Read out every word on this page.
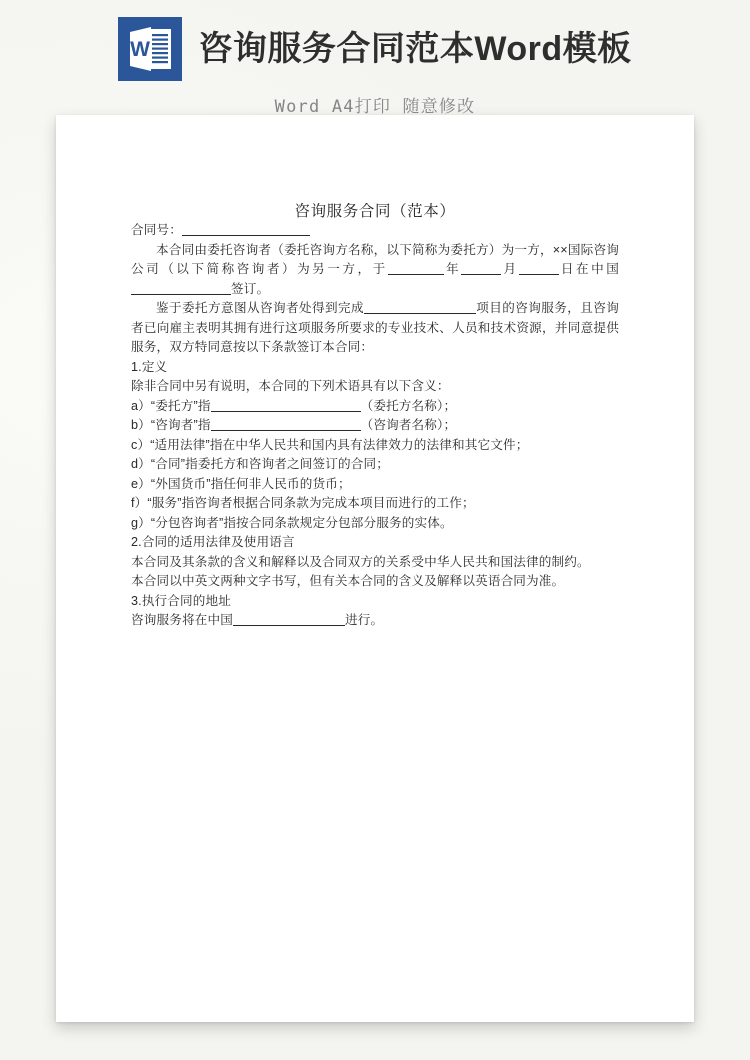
W 咨询服务合同范本Word模板
Word A4打印 随意修改
咨询服务合同（范本）

合同号：

本合同由委托咨询者（委托咨询方名称，以下简称为委托方）为一方，××国际咨询公司（以下简称咨询者）为另一方，于	年	月	日在中国签订。

鉴于委托方意图从咨询者处得到完成	项目的咨询服务，且咨询者已向雇主表明其拥有进行这项服务所要求的专业技术、人员和技术资源，并同意提供服务，双方特同意按以下条款签订本合同：

1.定义

除非合同中另有说明，本合同的下列术语具有以下含义：

a）“委托方”指	（委托方名称）；

b）“咨询者”指	（咨询者名称）；

c）“适用法律”指在中华人民共和国内具有法律效力的法律和其它文件；

d）“合同”指委托方和咨询者之间签订的合同；

e）“外国货币”指任何非人民币的货币；

f）“服务”指咨询者根据合同条款为完成本项目而进行的工作；

g）“分包咨询者”指按合同条款规定分包部分服务的实体。

2.合同的适用法律及使用语言

本合同及其条款的含义和解释以及合同双方的关系受中华人民共和国法律的制约。

本合同以中英文两种文字书写，但有关本合同的含义及解释以英语合同为准。

3.执行合同的地址

咨询服务将在中国	进行。
